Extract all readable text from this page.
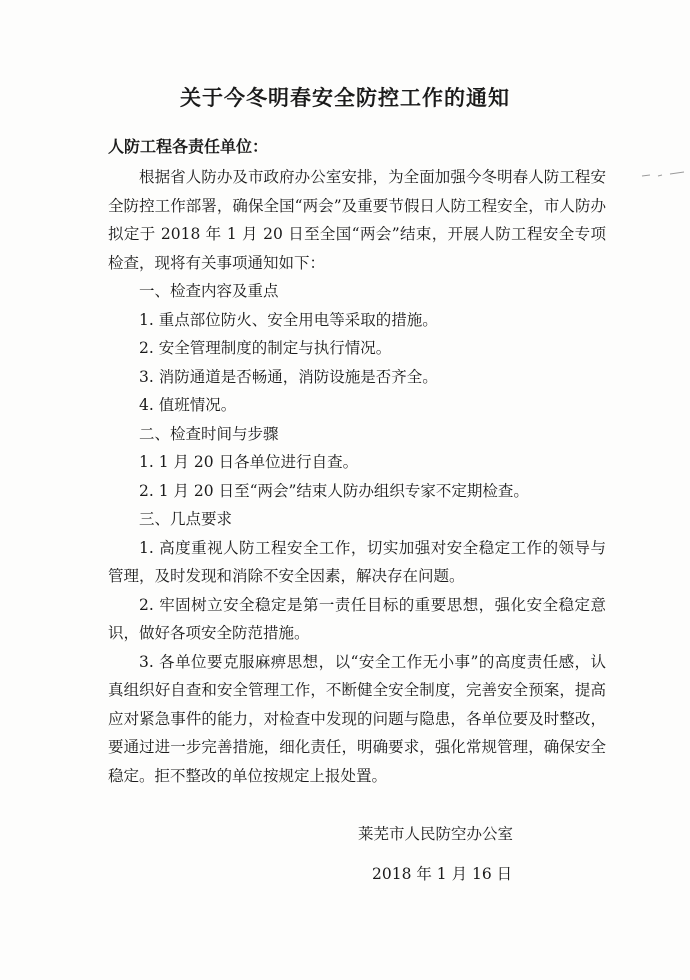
关于今冬明春安全防控工作的通知
人防工程各责任单位：

根据省人防办及市政府办公室安排，为全面加强今冬明春人防工程安全防控工作部署，确保全国“两会”及重要节假日人防工程安全，市人防办拟定于 2018 年 1 月 20 日至全国“两会”结束，开展人防工程安全专项检查，现将有关事项通知如下：

一、检查内容及重点

1. 重点部位防火、安全用电等采取的措施。

2. 安全管理制度的制定与执行情况。

3. 消防通道是否畅通，消防设施是否齐全。

4. 值班情况。

二、检查时间与步骤

1. 1 月 20 日各单位进行自查。

2. 1 月 20 日至“两会”结束人防办组织专家不定期检查。

三、几点要求

1. 高度重视人防工程安全工作，切实加强对安全稳定工作的领导与管理，及时发现和消除不安全因素，解决存在问题。

2. 牢固树立安全稳定是第一责任目标的重要思想，强化安全稳定意识，做好各项安全防范措施。

3. 各单位要克服麻痹思想，以“安全工作无小事”的高度责任感，认真组织好自查和安全管理工作，不断健全安全制度，完善安全预案，提高应对紧急事件的能力，对检查中发现的问题与隐患，各单位要及时整改，要通过进一步完善措施，细化责任，明确要求，强化常规管理，确保安全稳定。拒不整改的单位按规定上报处置。

莱芜市人民防空办公室
2018 年 1 月 16 日
